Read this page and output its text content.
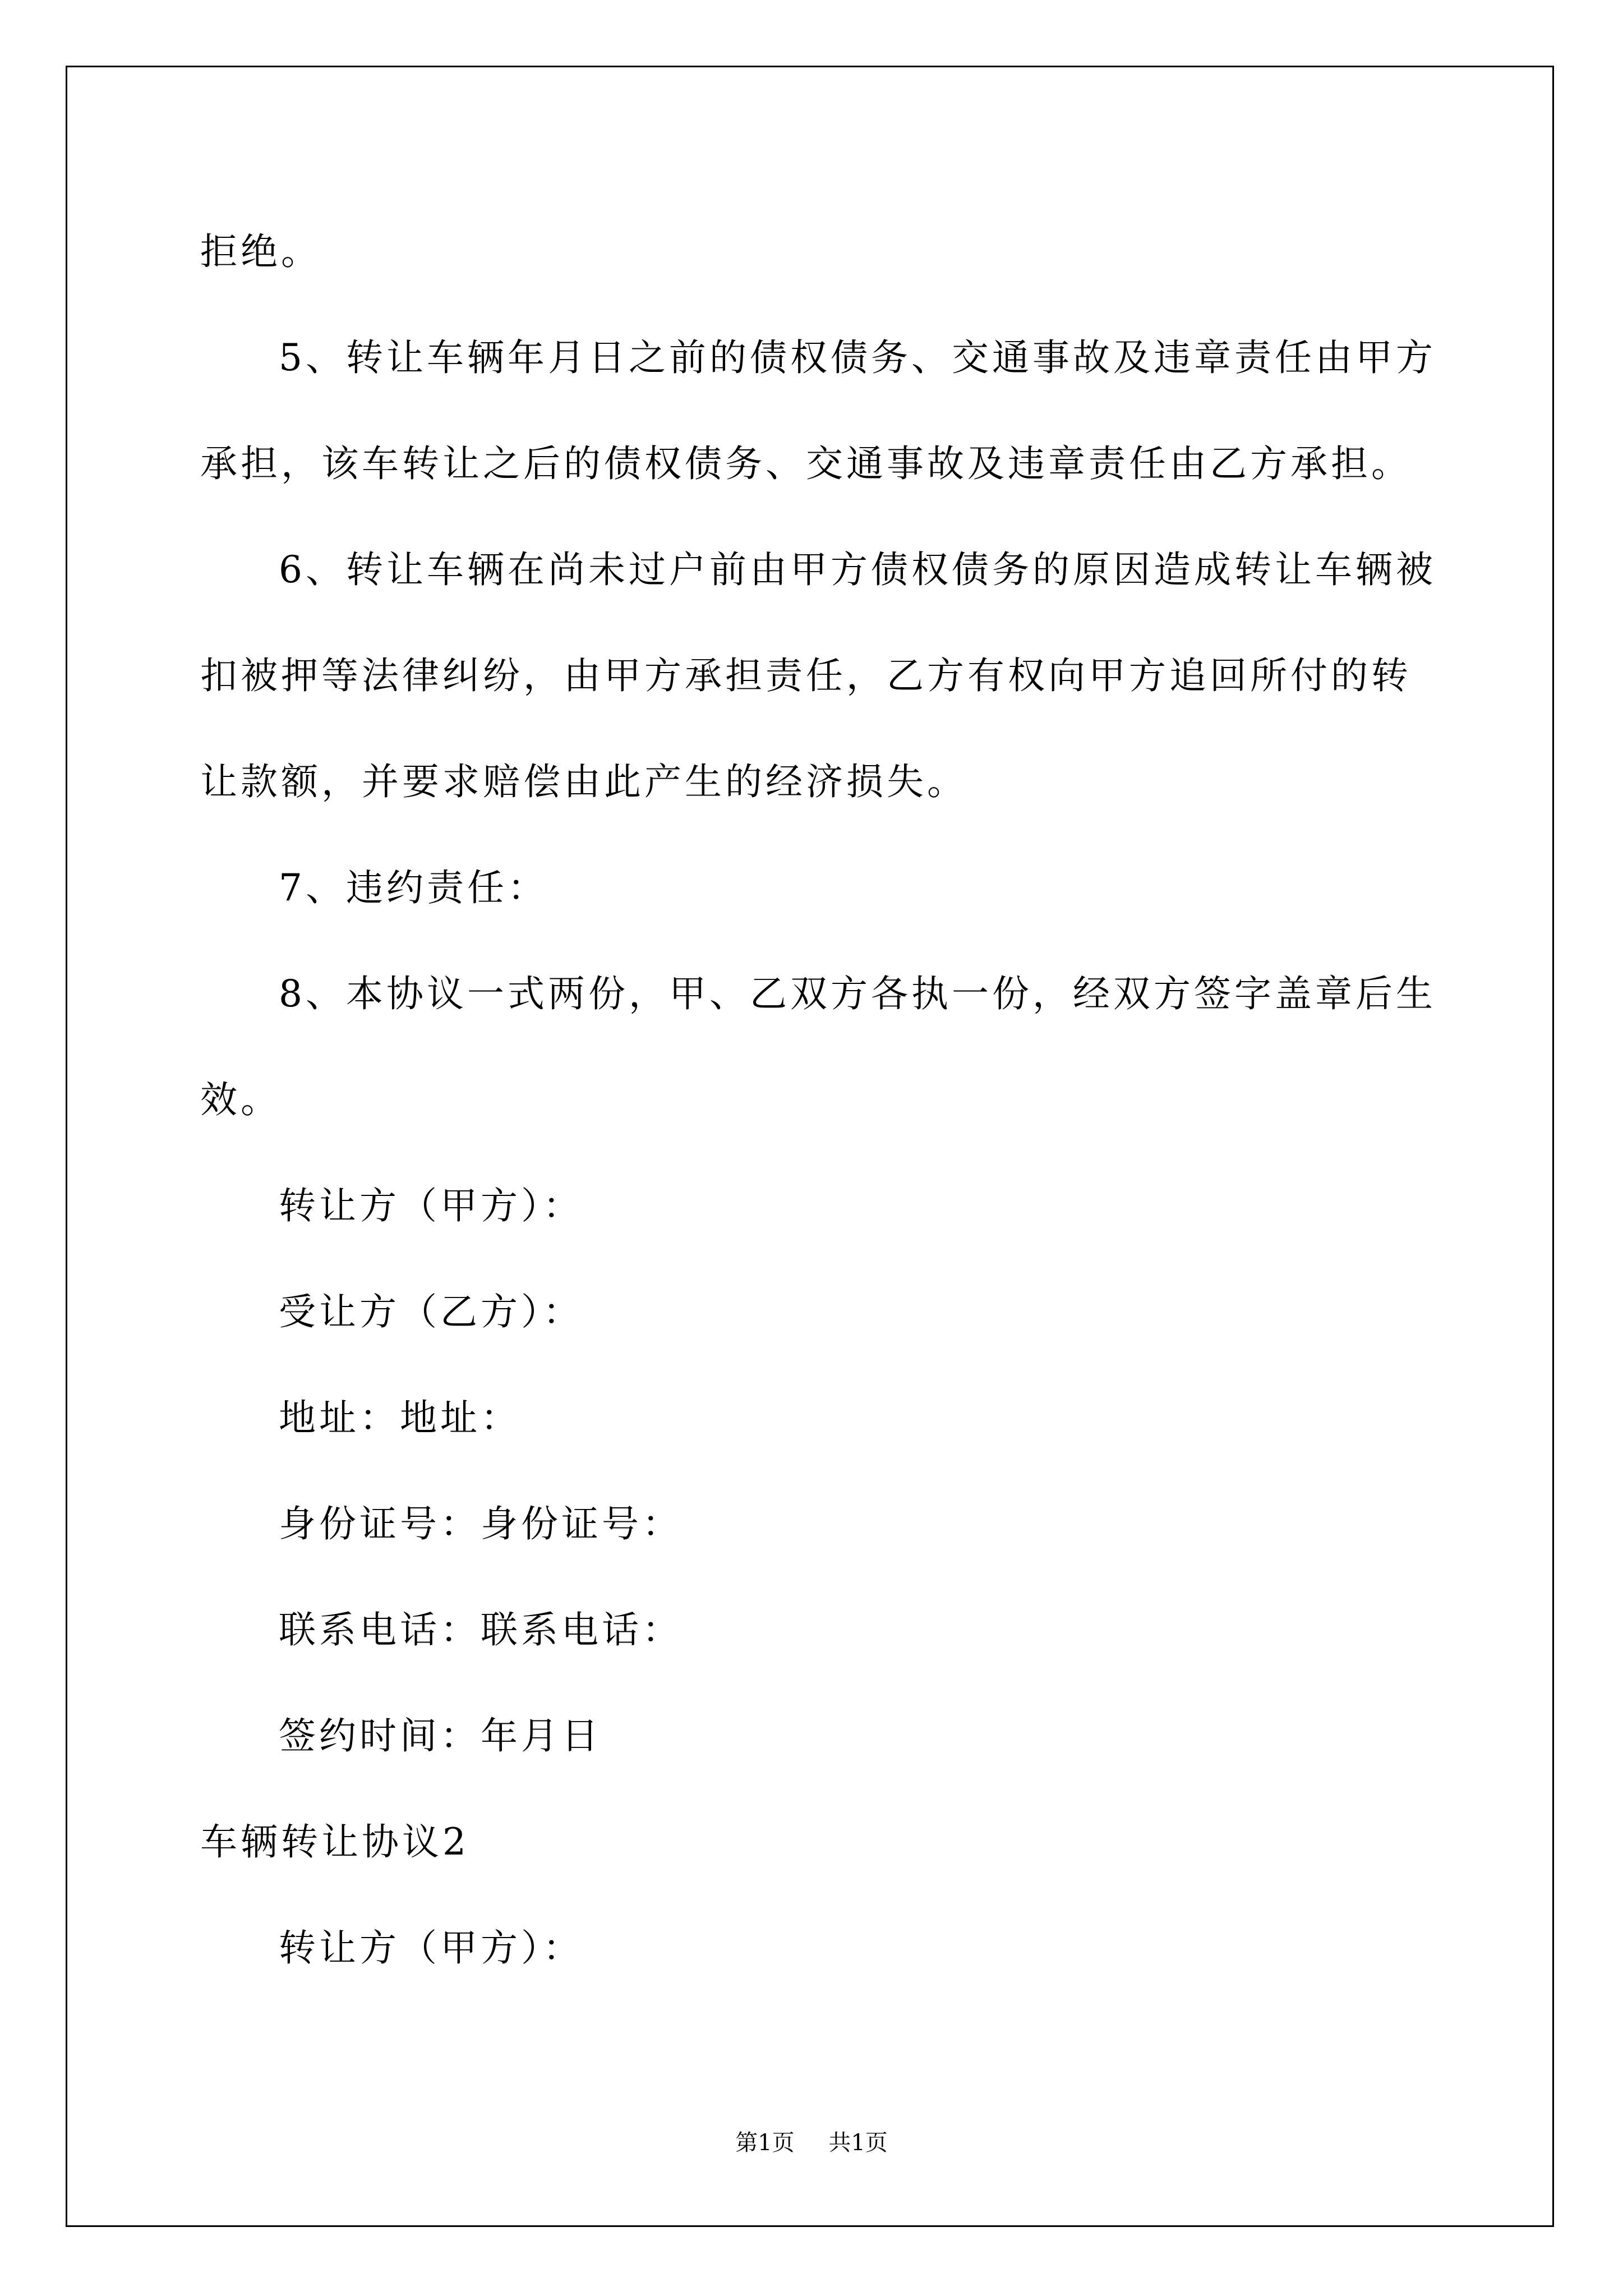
拒绝。
5、转让车辆年月日之前的债权债务、交通事故及违章责任由甲方
承担，该车转让之后的债权债务、交通事故及违章责任由乙方承担。
6、转让车辆在尚未过户前由甲方债权债务的原因造成转让车辆被
扣被押等法律纠纷，由甲方承担责任，乙方有权向甲方追回所付的转
让款额，并要求赔偿由此产生的经济损失。
7、违约责任：
8、本协议一式两份，甲、乙双方各执一份，经双方签字盖章后生
效。
转让方（甲方）：
受让方（乙方）：
地址：地址：
身份证号：身份证号：
联系电话：联系电话：
签约时间：年月日
车辆转让协议2
转让方（甲方）：
第1页 共1页
